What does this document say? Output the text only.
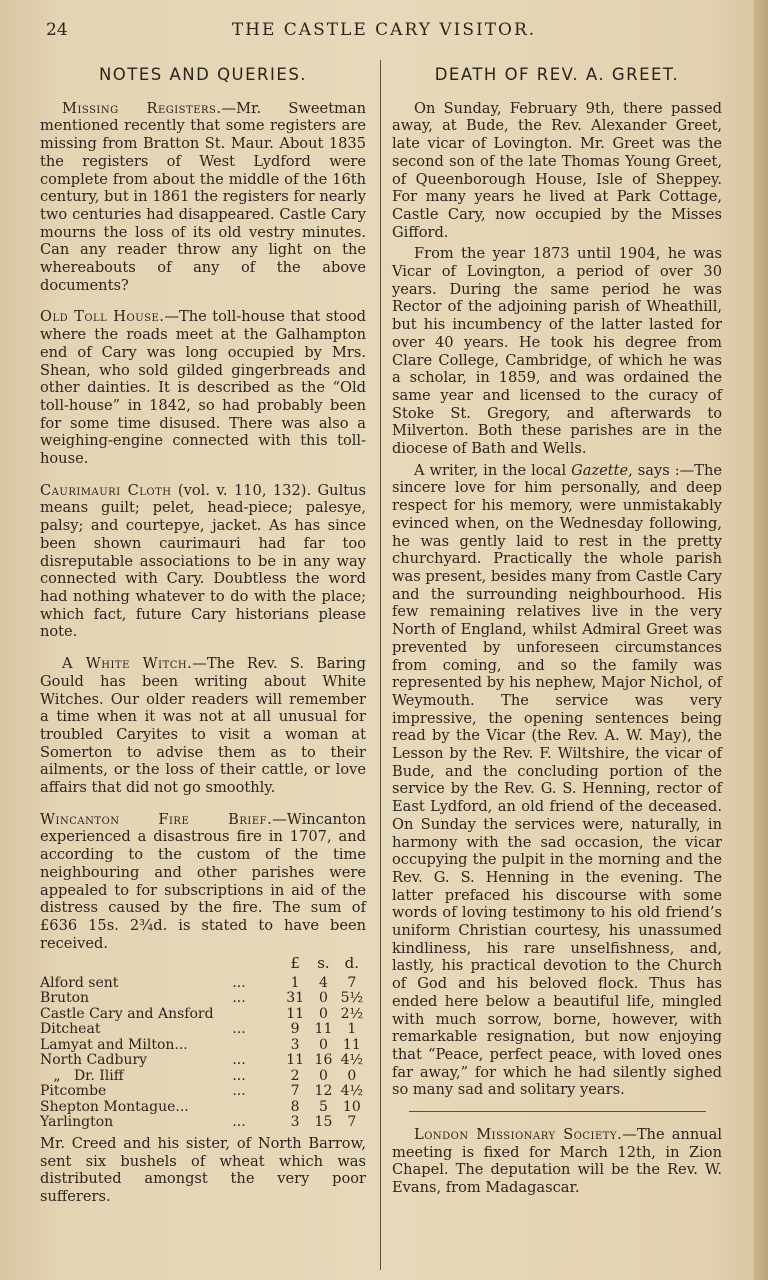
24	THE CASTLE CARY VISITOR.
NOTES AND QUERIES.

Missing Registers.—Mr. Sweetman mentioned recently that some registers are missing from Bratton St. Maur. About 1835 the registers of West Lydford were complete from about the middle of the 16th century, but in 1861 the registers for nearly two centuries had disappeared. Castle Cary mourns the loss of its old vestry minutes. Can any reader throw any light on the whereabouts of any of the above documents?

Old Toll House.—The toll-house that stood where the roads meet at the Galhampton end of Cary was long occupied by Mrs. Shean, who sold gilded gingerbreads and other dainties. It is described as the “Old toll-house” in 1842, so had probably been for some time disused. There was also a weighing-engine connected with this toll-house.

Caurimauri Cloth (vol. v. 110, 132). Gultus means guilt; pelet, head-piece; palesye, palsy; and courtepye, jacket. As has since been shown caurimauri had far too disreputable associations to be in any way connected with Cary. Doubtless the word had nothing whatever to do with the place; which fact, future Cary historians please note.

A White Witch.—The Rev. S. Baring Gould has been writing about White Witches. Our older readers will remember a time when it was not at all unusual for troubled Caryites to visit a woman at Somerton to advise them as to their ailments, or the loss of their cattle, or love affairs that did not go smoothly.

Wincanton Fire Brief.—Wincanton experienced a disastrous fire in 1707, and according to the custom of the time neighbouring and other parishes were appealed to for subscriptions in aid of the distress caused by the fire. The sum of £636 15s. 2¾d. is stated to have been received.

		£	s.	d.
Alford sent	...	1	4	7
Bruton	...	31	0	5½
Castle Cary and Ansford		11	0	2½
Ditcheat	...	9	11	1
Lamyat and Milton...		3	0	11
North Cadbury	...	11	16	4½
„   Dr. Iliff	...	2	0	0
Pitcombe	...	7	12	4½
Shepton Montague...		8	5	10
Yarlington	...	3	15	7

Mr. Creed and his sister, of North Barrow, sent six bushels of wheat which was distributed amongst the very poor sufferers.

DEATH OF REV. A. GREET.

On Sunday, February 9th, there passed away, at Bude, the Rev. Alexander Greet, late vicar of Lovington. Mr. Greet was the second son of the late Thomas Young Greet, of Queenborough House, Isle of Sheppey. For many years he lived at Park Cottage, Castle Cary, now occupied by the Misses Gifford.

From the year 1873 until 1904, he was Vicar of Lovington, a period of over 30 years. During the same period he was Rector of the adjoining parish of Wheathill, but his incumbency of the latter lasted for over 40 years. He took his degree from Clare College, Cambridge, of which he was a scholar, in 1859, and was ordained the same year and licensed to the curacy of Stoke St. Gregory, and afterwards to Milverton. Both these parishes are in the diocese of Bath and Wells.

A writer, in the local Gazette, says :—The sincere love for him personally, and deep respect for his memory, were unmistakably evinced when, on the Wednesday following, he was gently laid to rest in the pretty churchyard. Practically the whole parish was present, besides many from Castle Cary and the surrounding neighbourhood. His few remaining relatives live in the very North of England, whilst Admiral Greet was prevented by unforeseen circumstances from coming, and so the family was represented by his nephew, Major Nichol, of Weymouth. The service was very impressive, the opening sentences being read by the Vicar (the Rev. A. W. May), the Lesson by the Rev. F. Wiltshire, the vicar of Bude, and the concluding portion of the service by the Rev. G. S. Henning, rector of East Lydford, an old friend of the deceased. On Sunday the services were, naturally, in harmony with the sad occasion, the vicar occupying the pulpit in the morning and the Rev. G. S. Henning in the evening. The latter prefaced his discourse with some words of loving testimony to his old friend’s uniform Christian courtesy, his unassumed kindliness, his rare unselfishness, and, lastly, his practical devotion to the Church of God and his beloved flock. Thus has ended here below a beautiful life, mingled with much sorrow, borne, however, with remarkable resignation, but now enjoying that “Peace, perfect peace, with loved ones far away,” for which he had silently sighed so many sad and solitary years.

London Missionary Society.—The annual meeting is fixed for March 12th, in Zion Chapel. The deputation will be the Rev. W. Evans, from Madagascar.
